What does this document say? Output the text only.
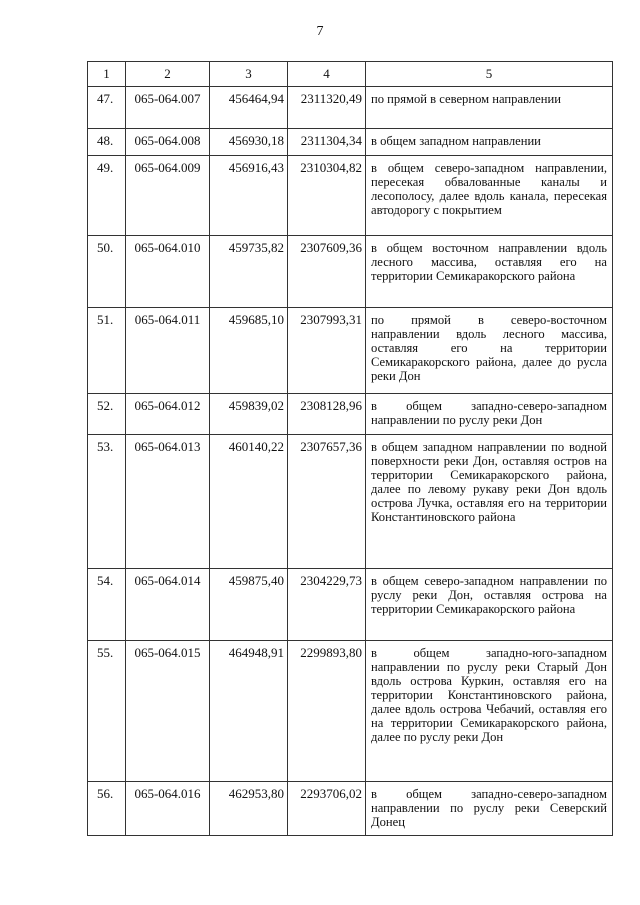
7
1	2	3	4	5
47.	065-064.007	456464,94	2311320,49	по прямой в северном направлении
48.	065-064.008	456930,18	2311304,34	в общем западном направлении
49.	065-064.009	456916,43	2310304,82	в общем северо-западном направлении, пересекая обвалованные каналы и лесополосу, далее вдоль канала, пересекая автодорогу с покрытием
50.	065-064.010	459735,82	2307609,36	в общем восточном направлении вдоль лесного массива, оставляя его на территории Семикаракорского района
51.	065-064.011	459685,10	2307993,31	по прямой в северо-восточном направлении вдоль лесного массива, оставляя его на территории Семикаракорского района, далее до русла реки Дон
52.	065-064.012	459839,02	2308128,96	в общем западно-северо-западном направлении по руслу реки Дон
53.	065-064.013	460140,22	2307657,36	в общем западном направлении по водной поверхности реки Дон, оставляя остров на территории Семикаракорского района, далее по левому рукаву реки Дон вдоль острова Лучка, оставляя его на территории Константиновского района
54.	065-064.014	459875,40	2304229,73	в общем северо-западном направлении по руслу реки Дон, оставляя острова на территории Семикаракорского района
55.	065-064.015	464948,91	2299893,80	в общем западно-юго-западном направлении по руслу реки Старый Дон вдоль острова Куркин, оставляя его на территории Константиновского района, далее вдоль острова Чебачий, оставляя его на территории Семикаракорского района, далее по руслу реки Дон
56.	065-064.016	462953,80	2293706,02	в общем западно-северо-западном направлении по руслу реки Северский Донец
